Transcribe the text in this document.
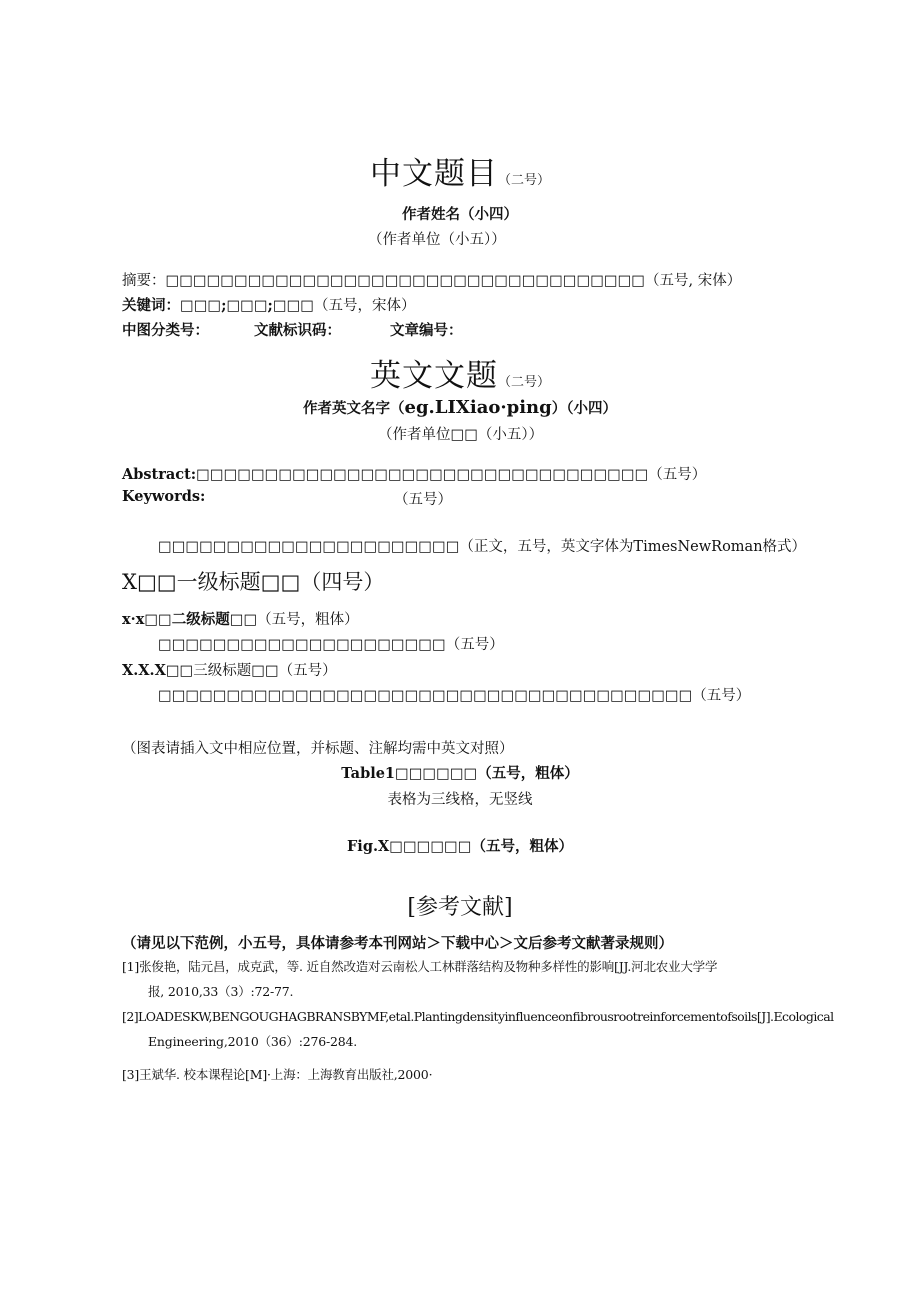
中文题目（二号）
作者姓名（小四）
（作者单位（小五））
摘要：□□□□□□□□□□□□□□□□□□□□□□□□□□□□□□□□□□□（五号, 宋体）
关键词：□□□;□□□;□□□（五号，宋体）
中图分类号：	文献标识码：	文章编号：
英文文题（二号）
作者英文名字（eg.LIXiao·ping）（小四）
（作者单位□□（小五））
Abstract:□□□□□□□□□□□□□□□□□□□□□□□□□□□□□□□□□（五号）
Keywords:	（五号）
□□□□□□□□□□□□□□□□□□□□□□（正文，五号，英文字体为TimesNewRoman格式）
X□□一级标题□□（四号）
x·x□□二级标题□□（五号，粗体）
□□□□□□□□□□□□□□□□□□□□□（五号）
X.X.X□□三级标题□□（五号）
□□□□□□□□□□□□□□□□□□□□□□□□□□□□□□□□□□□□□□□（五号）
（图表请插入文中相应位置，并标题、注解均需中英文对照）
Table1□□□□□□（五号，粗体）
表格为三线格，无竖线
Fig.X□□□□□□（五号，粗体）
[参考文献]
（请见以下范例，小五号，具体请参考本刊网站＞下载中心＞文后参考文献著录规则）
[1]张俊艳，陆元昌，成克武，等. 近自然改造对云南松人工林群落结构及物种多样性的影响[JJ.河北农业大学学
报, 2010,33（3）:72-77.
[2]LOADESKW,BENGOUGHAGBRANSBYMF,etal.Plantingdensityinfluenceonfibrousrootreinforcementofsoils[J].Ecological
Engineering,2010（36）:276-284.
[3]王斌华. 校本课程论[M]·上海：上海教育出版社,2000·
